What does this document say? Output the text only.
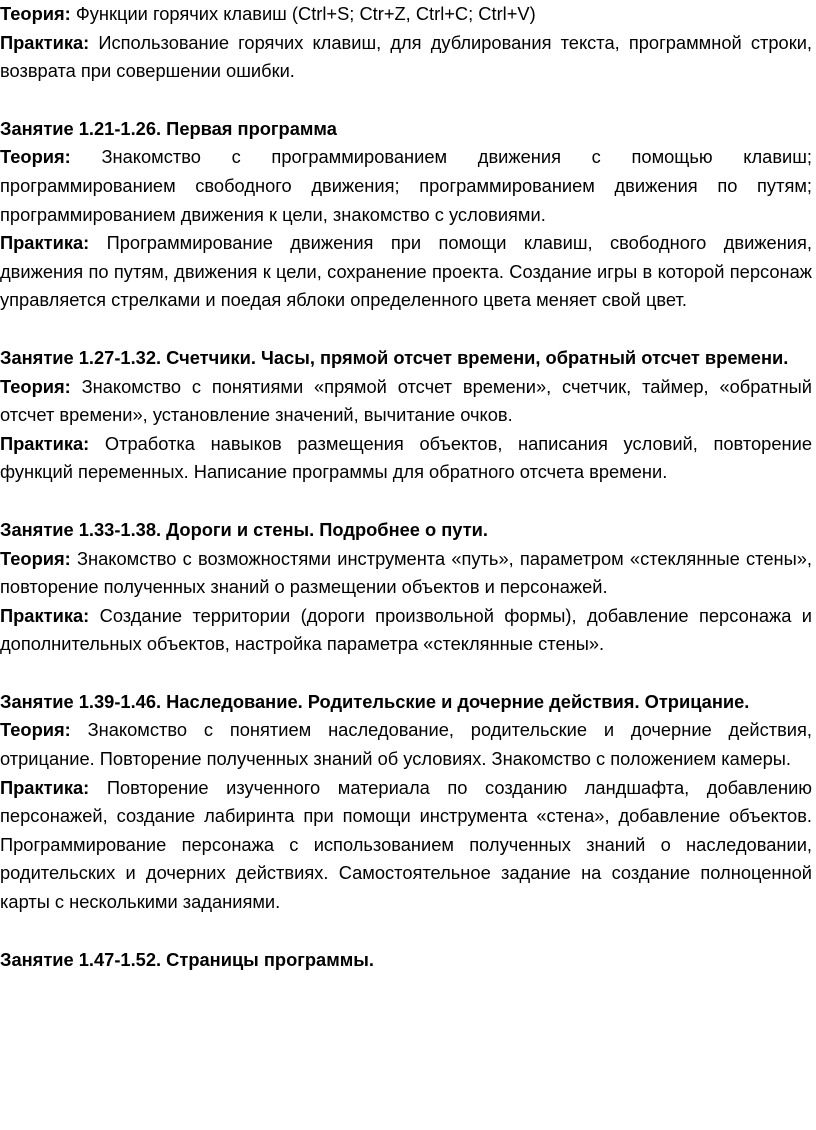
Теория: Функции горячих клавиш (Ctrl+S; Ctr+Z, Ctrl+C; Ctrl+V)

Практика: Использование горячих клавиш, для дублирования текста, программной строки, возврата при совершении ошибки.

Занятие 1.21-1.26. Первая программа

Теория: Знакомство с программированием движения с помощью клавиш; программированием свободного движения; программированием движения по путям; программированием движения к цели, знакомство с условиями.

Практика: Программирование движения при помощи клавиш, свободного движения, движения по путям, движения к цели, сохранение проекта. Создание игры в которой персонаж управляется стрелками и поедая яблоки определенного цвета меняет свой цвет.

Занятие 1.27-1.32. Счетчики. Часы, прямой отсчет времени, обратный отсчет времени.

Теория: Знакомство с понятиями «прямой отсчет времени», счетчик, таймер, «обратный отсчет времени», установление значений, вычитание очков.

Практика: Отработка навыков размещения объектов, написания условий, повторение функций переменных. Написание программы для обратного отсчета времени.

Занятие 1.33-1.38. Дороги и стены. Подробнее о пути.

Теория: Знакомство с возможностями инструмента «путь», параметром «стеклянные стены», повторение полученных знаний о размещении объектов и персонажей.

Практика: Создание территории (дороги произвольной формы), добавление персонажа и дополнительных объектов, настройка параметра «стеклянные стены».

Занятие 1.39-1.46. Наследование. Родительские и дочерние действия. Отрицание.

Теория: Знакомство с понятием наследование, родительские и дочерние действия, отрицание. Повторение полученных знаний об условиях. Знакомство с положением камеры.

Практика: Повторение изученного материала по созданию ландшафта, добавлению персонажей, создание лабиринта при помощи инструмента «стена», добавление объектов. Программирование персонажа с использованием полученных знаний о наследовании, родительских и дочерних действиях. Самостоятельное задание на создание полноценной карты с несколькими заданиями.

Занятие 1.47-1.52. Страницы программы.
